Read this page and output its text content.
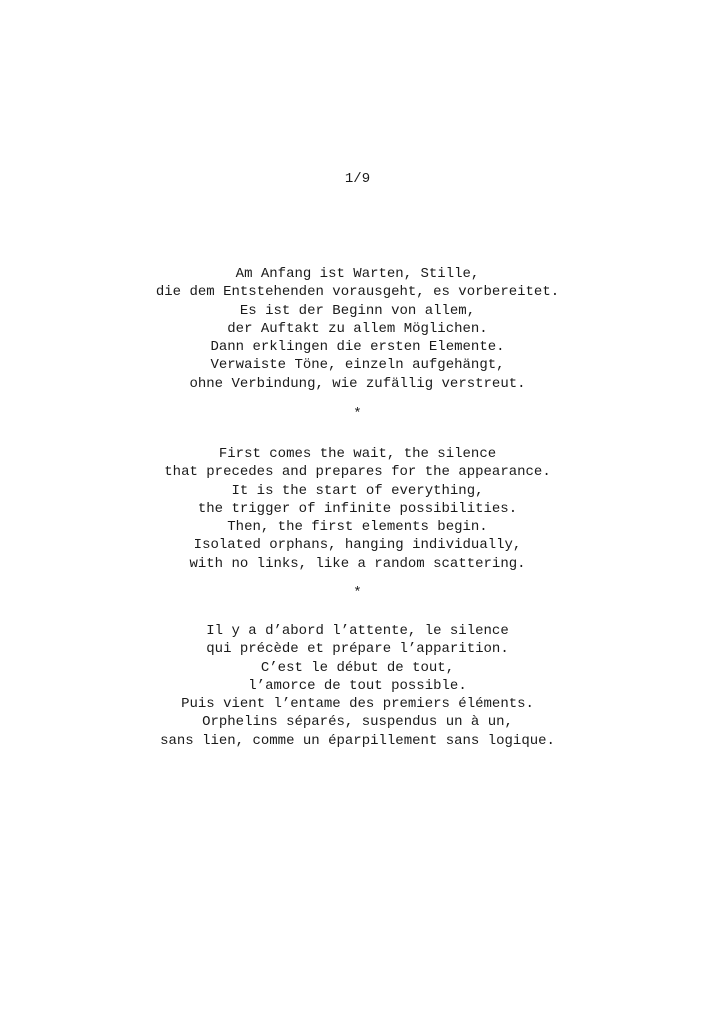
1/9
Am Anfang ist Warten, Stille,
die dem Entstehenden vorausgeht, es vorbereitet.
Es ist der Beginn von allem,
der Auftakt zu allem Möglichen.
Dann erklingen die ersten Elemente.
Verwaiste Töne, einzeln aufgehängt,
ohne Verbindung, wie zufällig verstreut.
*
First comes the wait, the silence
that precedes and prepares for the appearance.
It is the start of everything,
the trigger of infinite possibilities.
Then, the first elements begin.
Isolated orphans, hanging individually,
with no links, like a random scattering.
*
Il y a d’abord l’attente, le silence
qui précède et prépare l’apparition.
C’est le début de tout,
l’amorce de tout possible.
Puis vient l’entame des premiers éléments.
Orphelins séparés, suspendus un à un,
sans lien, comme un éparpillement sans logique.
